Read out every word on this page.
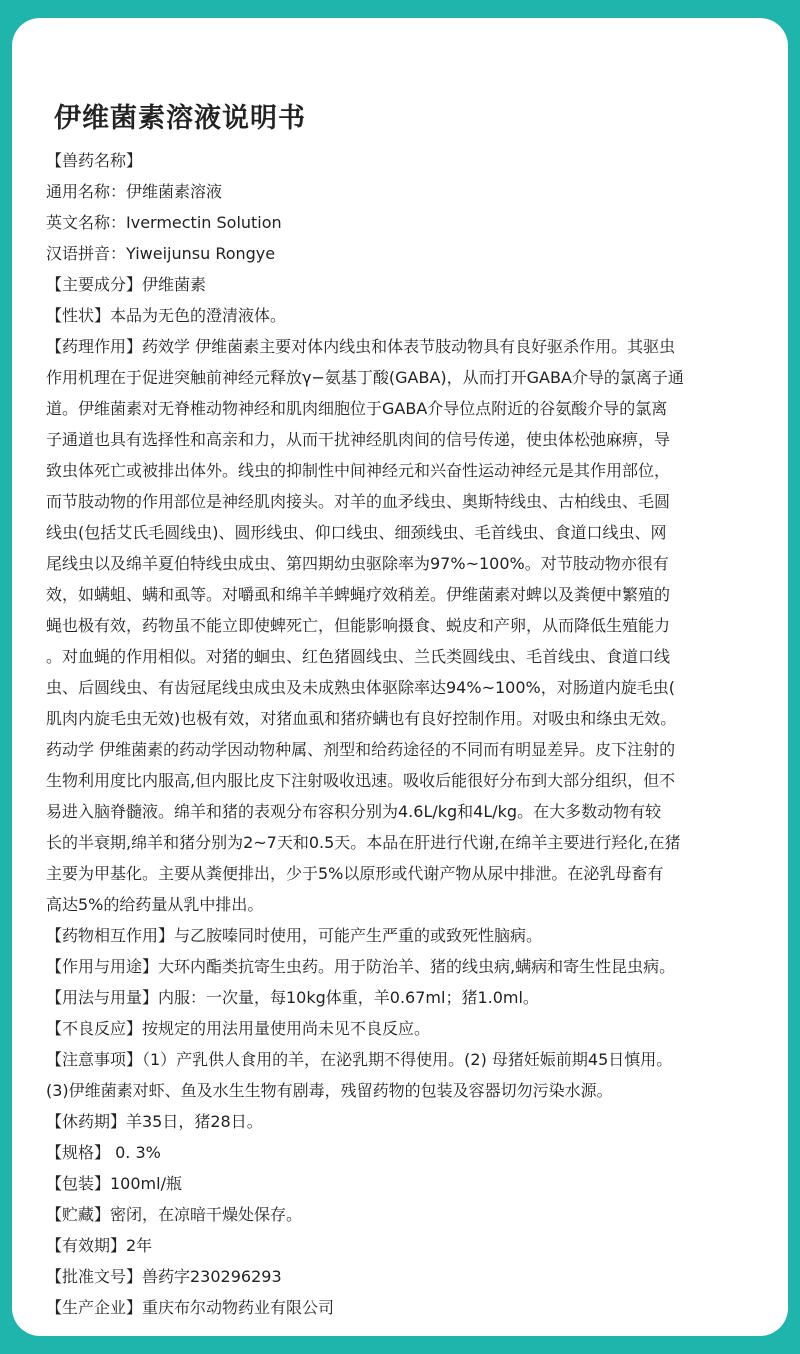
伊维菌素溶液说明书
【兽药名称】
通用名称：伊维菌素溶液
英文名称：Ivermectin Solution
汉语拼音：Yiweijunsu Rongye
【主要成分】伊维菌素
【性状】本品为无色的澄清液体。
【药理作用】药效学 伊维菌素主要对体内线虫和体表节肢动物具有良好驱杀作用。其驱虫
作用机理在于促进突触前神经元释放γ−氨基丁酸(GABA)，从而打开GABA介导的氯离子通
道。伊维菌素对无脊椎动物神经和肌肉细胞位于GABA介导位点附近的谷氨酸介导的氯离
子通道也具有选择性和高亲和力，从而干扰神经肌肉间的信号传递，使虫体松弛麻痹，导
致虫体死亡或被排出体外。线虫的抑制性中间神经元和兴奋性运动神经元是其作用部位，
而节肢动物的作用部位是神经肌肉接头。对羊的血矛线虫、奥斯特线虫、古柏线虫、毛圆
线虫(包括艾氏毛圆线虫)、圆形线虫、仰口线虫、细颈线虫、毛首线虫、食道口线虫、网
尾线虫以及绵羊夏伯特线虫成虫、第四期幼虫驱除率为97%~100%。对节肢动物亦很有
效，如螨蛆、螨和虱等。对嚼虱和绵羊羊蜱蝇疗效稍差。伊维菌素对蜱以及粪便中繁殖的
蝇也极有效，药物虽不能立即使蜱死亡，但能影响摄食、蜕皮和产卵，从而降低生殖能力
。对血蝇的作用相似。对猪的蛔虫、红色猪圆线虫、兰氏类圆线虫、毛首线虫、食道口线
虫、后圆线虫、有齿冠尾线虫成虫及未成熟虫体驱除率达94%~100%，对肠道内旋毛虫(
肌肉内旋毛虫无效)也极有效，对猪血虱和猪疥螨也有良好控制作用。对吸虫和绦虫无效。
药动学 伊维菌素的药动学因动物种属、剂型和给药途径的不同而有明显差异。皮下注射的
生物利用度比内服高,但内服比皮下注射吸收迅速。吸收后能很好分布到大部分组织，但不
易进入脑脊髓液。绵羊和猪的表观分布容积分别为4.6L/kg和4L/kg。在大多数动物有较
长的半衰期,绵羊和猪分别为2~7天和0.5天。本品在肝进行代谢,在绵羊主要进行羟化,在猪
主要为甲基化。主要从粪便排出，少于5%以原形或代谢产物从尿中排泄。在泌乳母畜有
高达5%的给药量从乳中排出。
【药物相互作用】与乙胺嗪同时使用，可能产生严重的或致死性脑病。
【作用与用途】大环内酯类抗寄生虫药。用于防治羊、猪的线虫病,螨病和寄生性昆虫病。
【用法与用量】内服：一次量，每10kg体重，羊0.67ml；猪1.0ml。
【不良反应】按规定的用法用量使用尚未见不良反应。
【注意事项】（1）产乳供人食用的羊，在泌乳期不得使用。(2) 母猪妊娠前期45日慎用。
(3)伊维菌素对虾、鱼及水生生物有剧毒，残留药物的包装及容器切勿污染水源。
【休药期】羊35日，猪28日。
【规格】 0. 3%
【包装】100ml/瓶
【贮藏】密闭，在凉暗干燥处保存。
【有效期】2年
【批准文号】兽药字230296293
【生产企业】重庆布尔动物药业有限公司
